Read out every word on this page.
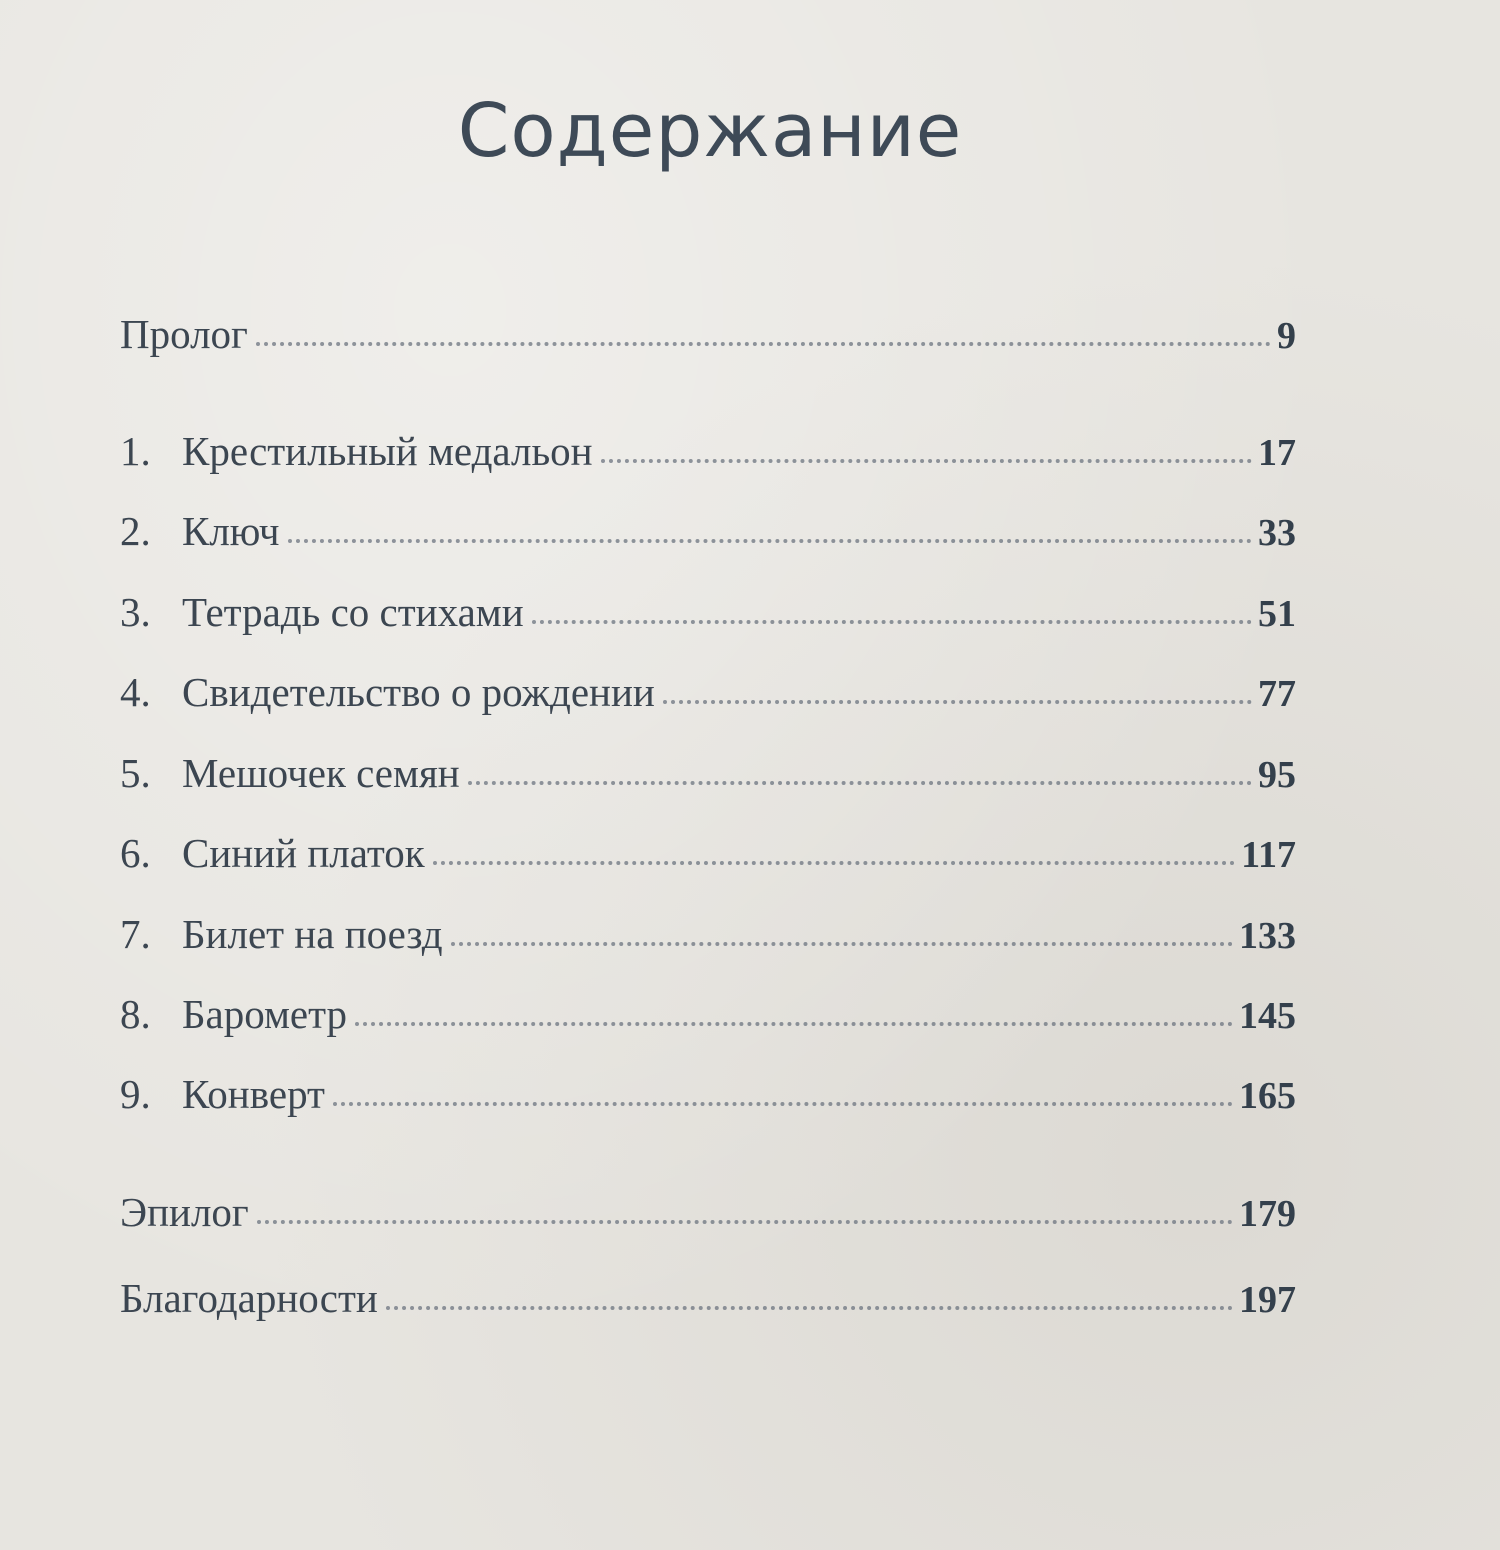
Содержание
Пролог	9
1. Крестильный медальон	17
2. Ключ	33
3. Тетрадь со стихами	51
4. Свидетельство о рождении	77
5. Мешочек семян	95
6. Синий платок	117
7. Билет на поезд	133
8. Барометр	145
9. Конверт	165
Эпилог	179
Благодарности	197
